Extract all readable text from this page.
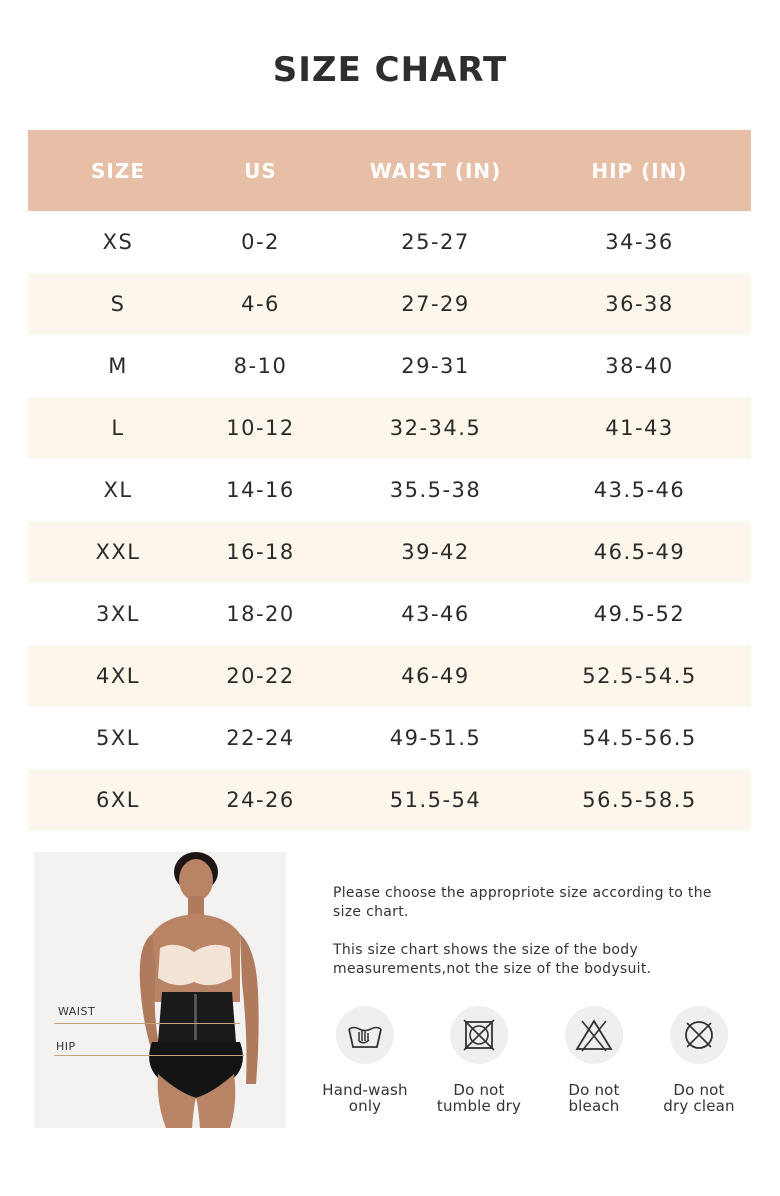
SIZE CHART
SIZE	US	WAIST (IN)	HIP (IN)
XS	0-2	25-27	34-36
S	4-6	27-29	36-38
M	8-10	29-31	38-40
L	10-12	32-34.5	41-43
XL	14-16	35.5-38	43.5-46
XXL	16-18	39-42	46.5-49
3XL	18-20	43-46	49.5-52
4XL	20-22	46-49	52.5-54.5
5XL	22-24	49-51.5	54.5-56.5
6XL	24-26	51.5-54	56.5-58.5
WAIST
HIP

Please choose the appropriote size according to the size chart.

This size chart shows the size of the body measurements,not the size of the bodysuit.

Hand-wash
only
Do not
tumble dry
Do not
bleach
Do not
dry clean
